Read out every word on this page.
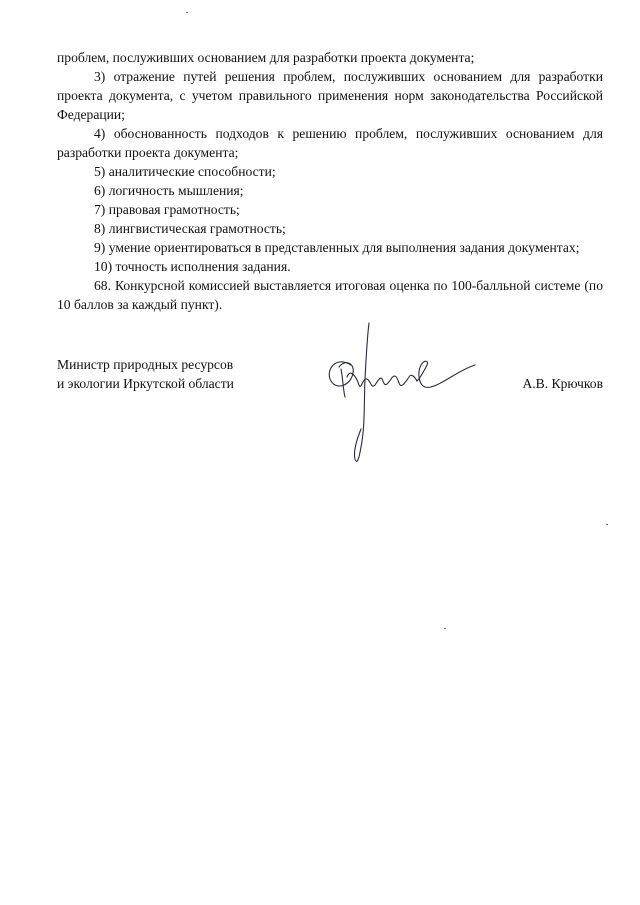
проблем, послуживших основанием для разработки проекта документа;

3) отражение путей решения проблем, послуживших основанием для разработки проекта документа, с учетом правильного применения норм законодательства Российской Федерации;

4) обоснованность подходов к решению проблем, послуживших основанием для разработки проекта документа;

5) аналитические способности;

6) логичность мышления;

7) правовая грамотность;

8) лингвистическая грамотность;

9) умение ориентироваться в представленных для выполнения задания документах;

10) точность исполнения задания.

68. Конкурсной комиссией выставляется итоговая оценка по 100-балльной системе (по 10 баллов за каждый пункт).

Министр природных ресурсов
и экологии Иркутской области	А.В. Крючков
